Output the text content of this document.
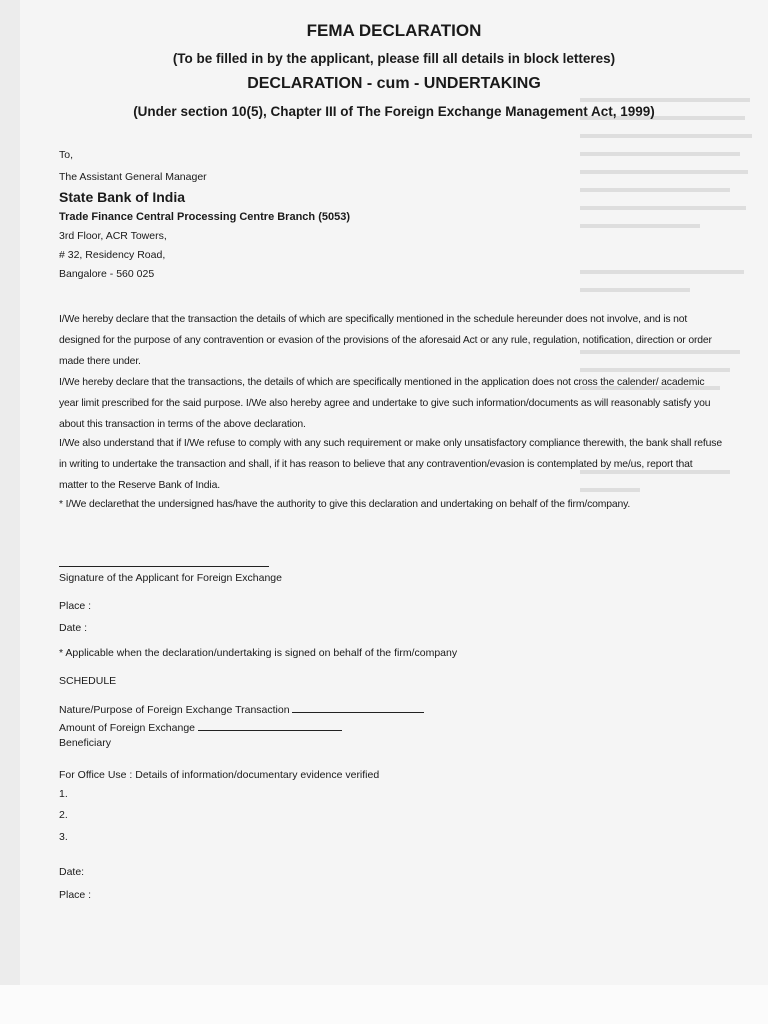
FEMA DECLARATION
(To be filled in by the applicant, please fill all details in block letteres)
DECLARATION - cum - UNDERTAKING
(Under section 10(5), Chapter III of The Foreign Exchange Management Act, 1999)
To,
The Assistant General Manager
State Bank of India
Trade Finance Central Processing Centre Branch (5053)
3rd Floor, ACR Towers,
# 32, Residency Road,
Bangalore - 560 025

I/We hereby declare that the transaction the details of which are specifically mentioned in the schedule hereunder does not involve, and is not designed for the purpose of any contravention or evasion of the provisions of the aforesaid Act or any rule, regulation, notification, direction or order made there under.

I/We hereby declare that the transactions, the details of which are specifically mentioned in the application does not cross the calender/ academic year limit prescribed for the said purpose. I/We also hereby agree and undertake to give such information/documents as will reasonably satisfy you about this transaction in terms of the above declaration.

I/We also understand that if I/We refuse to comply with any such requirement or make only unsatisfactory compliance therewith, the bank shall refuse in writing to undertake the transaction and shall, if it has reason to believe that any contravention/evasion is contemplated by me/us, report that matter to the Reserve Bank of India.

* I/We declarethat the undersigned has/have the authority to give this declaration and undertaking on behalf of the firm/company.

Signature of the Applicant for Foreign Exchange
Place :
Date :
* Applicable when the declaration/undertaking is signed on behalf of the firm/company
SCHEDULE
Nature/Purpose of Foreign Exchange Transaction
Amount of Foreign Exchange
Beneficiary
For Office Use : Details of information/documentary evidence verified
1.
2.
3.
Date:
Place :
